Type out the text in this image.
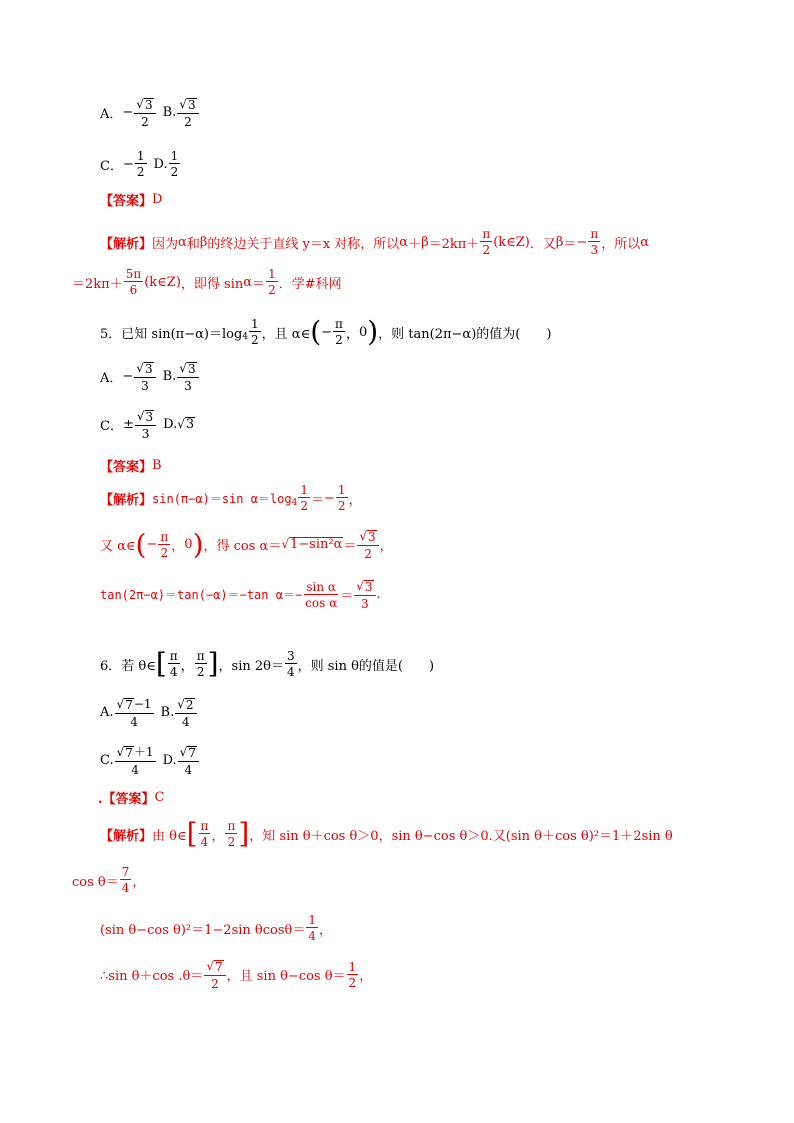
A． − $\frac{√ 3}{2} B$. $\frac{√ 3}{2}$
C． − $\frac{1}{2} D$. $\frac{1}{2}$
【答案】 D
【解析】 因为 α 和 β 的终边关于直线 y＝x 对称，所以 $\alpha + \beta =2k\pi+ \frac{\pi}{2}$ (k∈Z) ．又 β ＝ − $\frac{\pi}{3}$ ，所以 α
$=2k\pi+ \frac{5\pi}{6}$ (k∈Z) ，即得 $\sin \alpha = \frac{1}{2}$ ．学#科网
5．已知 sin(π−α)＝log $4 \frac{1}{2}$ ，且 α∈ ( − $\frac{\pi}{2}$ ， 0 ) ，则 tan(2π−α)的值为(　　)
A． − $\frac{√ 3}{3} B$. $\frac{√ 3}{3}$
C． ± $\frac{√ 3}{3} D$. √ 3
【答案】 B
【解析】 sin(π−α)＝sin α＝log $4 \frac{1}{2}$ ＝ − $\frac{1}{2}$ ，
又 α∈ ( − $\frac{\pi}{2}$ ， 0 ) ，得 cos α＝ √ $1-\sin^2\alpha = \frac{√ 3}{2}$ ，
tan(2π−α)＝tan(−α)＝−tan $\alpha=- \frac{\text{sin α}}{\text{cos α}} = \frac{√ 3}{3}$ .
6．若 θ∈ [ $\frac{\pi}{4}$ ， $\frac{\pi}{2}$ ] ，$\sin 2\theta= \frac{3}{4}$ ，则 sin θ的值是(　　)
A. $\frac{√ 7 -1}{4} B$. $\frac{√ 2}{4}$
C. $\frac{√ 7 +1}{4} D$. $\frac{√ 7}{4}$
.【答案】 C
【解析】 由 θ∈ [ $\frac{\pi}{4}$ ， $\frac{\pi}{2}$ ] ，知 sin θ＋cos θ＞0，sin θ−cos θ＞0.又(sin θ＋cos θ)²＝1＋2sin θ
$\cos \theta= \frac{7}{4}$ ，
(sin θ−cos θ)²＝1−2sin $\theta\cos\theta= \frac{1}{4}$ ，
∴sin θ＋cos $.\theta= \frac{√ 7}{2}$ ，且 sin θ−cos $\theta= \frac{1}{2}$ ，
